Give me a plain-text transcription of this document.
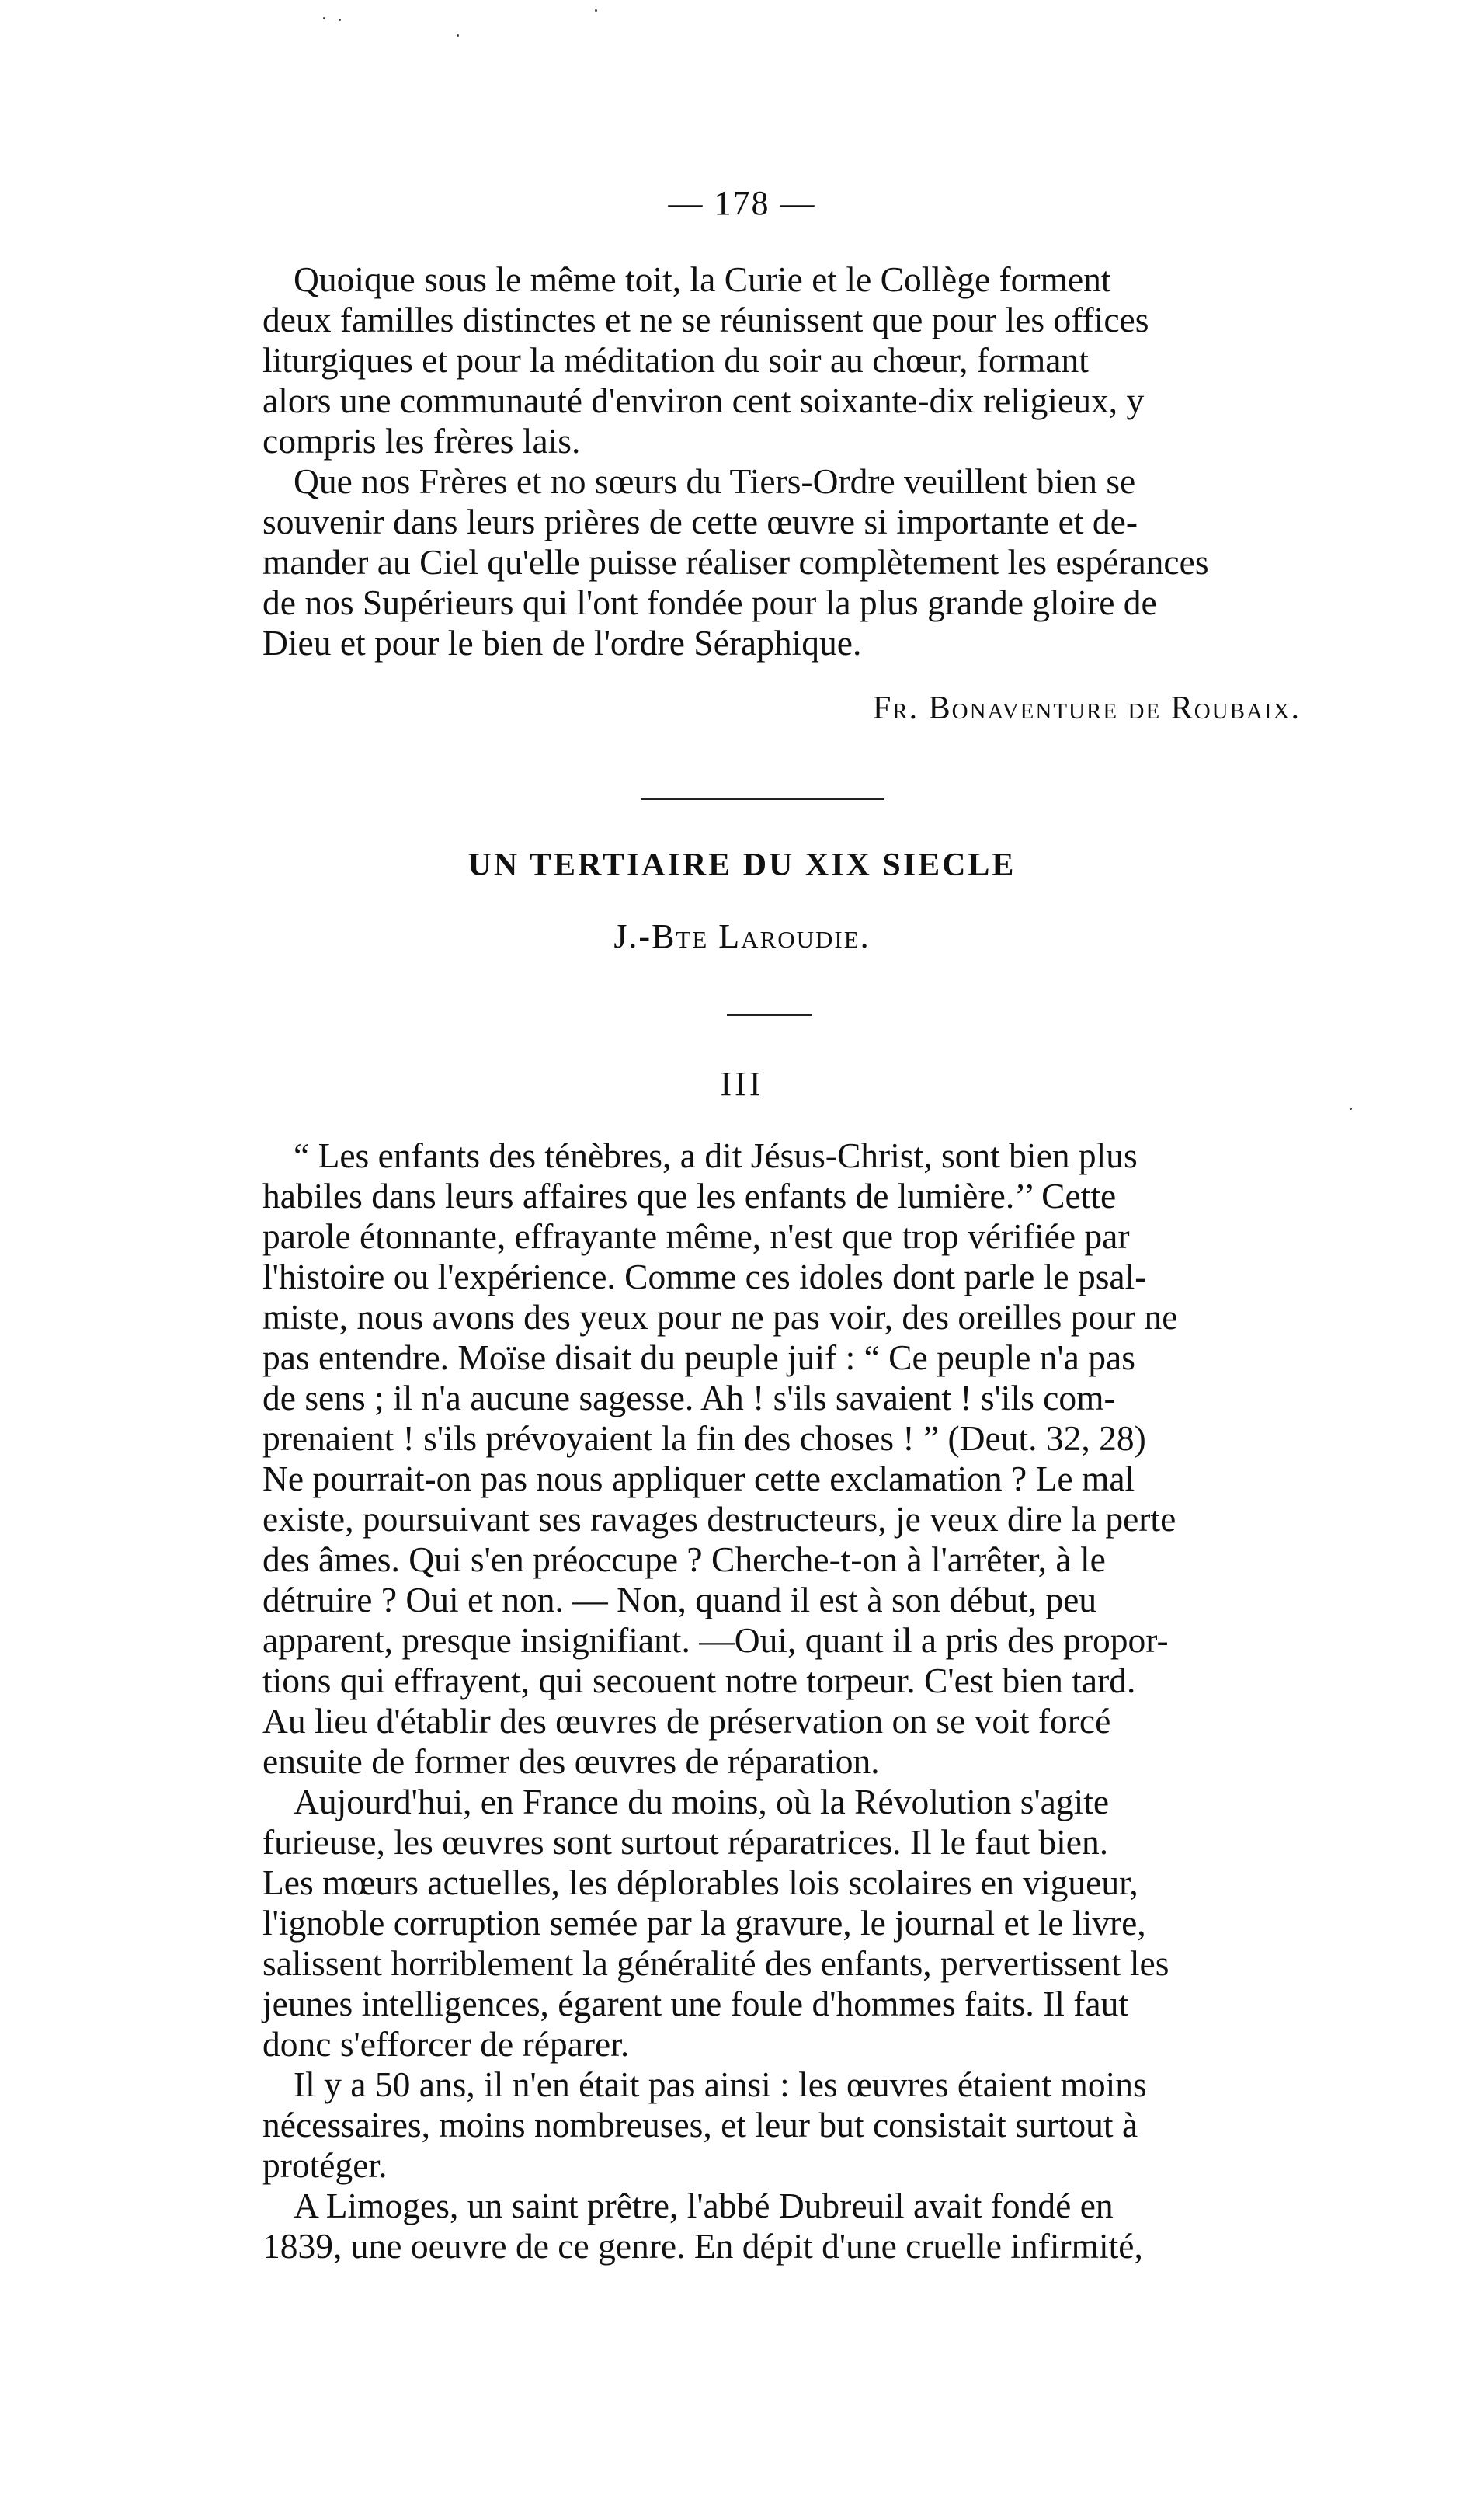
— 178 —

Quoique sous le même toit, la Curie et le Collège forment
deux familles distinctes et ne se réunissent que pour les offices
liturgiques et pour la méditation du soir au chœur, formant
alors une communauté d'environ cent soixante-dix religieux, y
compris les frères lais.

Que nos Frères et no sœurs du Tiers-Ordre veuillent bien se
souvenir dans leurs prières de cette œuvre si importante et de-
mander au Ciel qu'elle puisse réaliser complètement les espérances
de nos Supérieurs qui l'ont fondée pour la plus grande gloire de
Dieu et pour le bien de l'ordre Séraphique.

Fr. Bonaventure de Roubaix.
UN TERTIAIRE DU XIX SIECLE
J.-Bte Laroudie.
III

“ Les enfants des ténèbres, a dit Jésus-Christ, sont bien plus
habiles dans leurs affaires que les enfants de lumière.’’ Cette
parole étonnante, effrayante même, n'est que trop vérifiée par
l'histoire ou l'expérience. Comme ces idoles dont parle le psal-
miste, nous avons des yeux pour ne pas voir, des oreilles pour ne
pas entendre. Moïse disait du peuple juif : “ Ce peuple n'a pas
de sens ; il n'a aucune sagesse. Ah ! s'ils savaient ! s'ils com-
prenaient ! s'ils prévoyaient la fin des choses ! ” (Deut. 32, 28)
Ne pourrait-on pas nous appliquer cette exclamation ? Le mal
existe, poursuivant ses ravages destructeurs, je veux dire la perte
des âmes. Qui s'en préoccupe ? Cherche-t-on à l'arrêter, à le
détruire ? Oui et non. — Non, quand il est à son début, peu
apparent, presque insignifiant. —Oui, quant il a pris des propor-
tions qui effrayent, qui secouent notre torpeur. C'est bien tard.
Au lieu d'établir des œuvres de préservation on se voit forcé
ensuite de former des œuvres de réparation.

Aujourd'hui, en France du moins, où la Révolution s'agite
furieuse, les œuvres sont surtout réparatrices. Il le faut bien.
Les mœurs actuelles, les déplorables lois scolaires en vigueur,
l'ignoble corruption semée par la gravure, le journal et le livre,
salissent horriblement la généralité des enfants, pervertissent les
jeunes intelligences, égarent une foule d'hommes faits. Il faut
donc s'efforcer de réparer.

Il y a 50 ans, il n'en était pas ainsi : les œuvres étaient moins
nécessaires, moins nombreuses, et leur but consistait surtout à
protéger.

A Limoges, un saint prêtre, l'abbé Dubreuil avait fondé en
1839, une oeuvre de ce genre. En dépit d'une cruelle infirmité,
